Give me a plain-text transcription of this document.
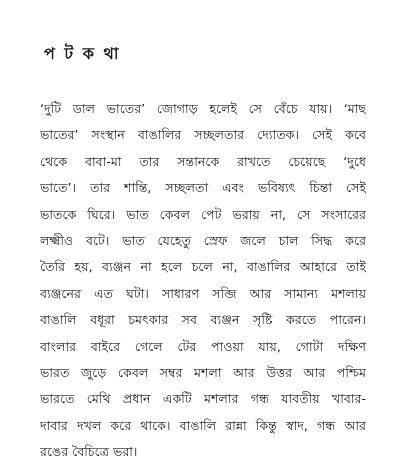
প ট ক থা

‘দুটি ডাল ভাতের’ জোগাড় হলেই সে বেঁচে যায়। ‘মাছ
ভাতের’ সংস্থান বাঙালির সচ্ছলতার দ্যোতক। সেই কবে
থেকে বাবা-মা তার সন্তানকে রাখতে চেয়েছে ‘দুধে
ভাতে’। তার শান্তি, সচ্ছলতা এবং ভবিষ্যৎ চিন্তা সেই
ভাতকে ঘিরে। ভাত কেবল পেট ভরায় না, সে সংসারের
লক্ষ্মীও বটে। ভাত যেহেতু স্রেফ জলে চাল সিদ্ধ করে
তৈরি হয়, ব্যঞ্জন না হলে চলে না, বাঙালির আহারে তাই
ব্যঞ্জনের এত ঘটা। সাধারণ সব্জি আর সামান্য মশলায়
বাঙালি বধূরা চমৎকার সব ব্যঞ্জন সৃষ্টি করতে পারেন।
বাংলার বাইরে গেলে টের পাওয়া যায়, গোটা দক্ষিণ
ভারত জুড়ে কেবল সম্বর মশলা আর উত্তর আর পশ্চিম
ভারতে মেথি প্রধান একটি মশলার গন্ধ যাবতীয় খাবার-
দাবার দখল করে থাকে। বাঙালি রান্না কিন্তু স্বাদ, গন্ধ আর
রঙের বৈচিত্রে ভরা।
